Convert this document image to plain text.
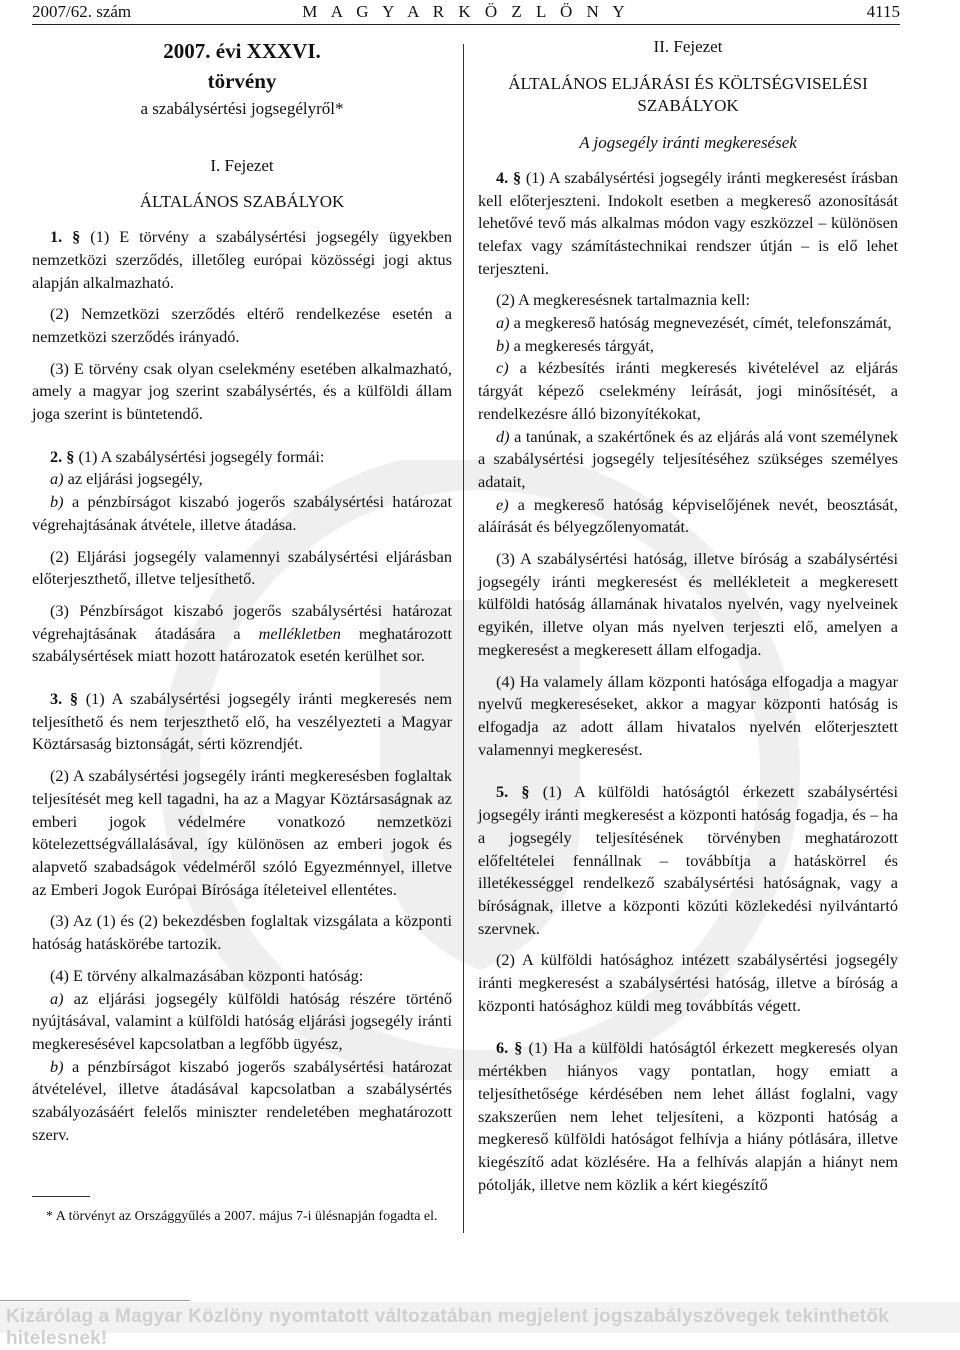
2007/62. szám	M A G Y A R K Ö Z L Ö N Y	4115
2007. évi XXXVI.
törvény
a szabálysértési jogsegélyről*
I. Fejezet
ÁLTALÁNOS SZABÁLYOK

1. § (1) E törvény a szabálysértési jogsegély ügyekben nemzetközi szerződés, illetőleg európai közösségi jogi aktus alapján alkalmazható.

(2) Nemzetközi szerződés eltérő rendelkezése esetén a nemzetközi szerződés irányadó.

(3) E törvény csak olyan cselekmény esetében alkalmazható, amely a magyar jog szerint szabálysértés, és a külföldi állam joga szerint is büntetendő.

2. § (1) A szabálysértési jogsegély formái:

a) az eljárási jogsegély,

b) a pénzbírságot kiszabó jogerős szabálysértési határozat végrehajtásának átvétele, illetve átadása.

(2) Eljárási jogsegély valamennyi szabálysértési eljárásban előterjeszthető, illetve teljesíthető.

(3) Pénzbírságot kiszabó jogerős szabálysértési határozat végrehajtásának átadására a mellékletben meghatározott szabálysértések miatt hozott határozatok esetén kerülhet sor.

3. § (1) A szabálysértési jogsegély iránti megkeresés nem teljesíthető és nem terjeszthető elő, ha veszélyezteti a Magyar Köztársaság biztonságát, sérti közrendjét.

(2) A szabálysértési jogsegély iránti megkeresésben foglaltak teljesítését meg kell tagadni, ha az a Magyar Köztársaságnak az emberi jogok védelmére vonatkozó nemzetközi kötelezettségvállalásával, így különösen az emberi jogok és alapvető szabadságok védelméről szóló Egyezménnyel, illetve az Emberi Jogok Európai Bírósága ítéleteivel ellentétes.

(3) Az (1) és (2) bekezdésben foglaltak vizsgálata a központi hatóság hatáskörébe tartozik.

(4) E törvény alkalmazásában központi hatóság:

a) az eljárási jogsegély külföldi hatóság részére történő nyújtásával, valamint a külföldi hatóság eljárási jogsegély iránti megkeresésével kapcsolatban a legfőbb ügyész,

b) a pénzbírságot kiszabó jogerős szabálysértési határozat átvételével, illetve átadásával kapcsolatban a szabálysértés szabályozásáért felelős miniszter rendeletében meghatározott szerv.

* A törvényt az Országgyűlés a 2007. május 7-i ülésnapján fogadta el.
II. Fejezet
ÁLTALÁNOS ELJÁRÁSI ÉS KÖLTSÉGVISELÉSI SZABÁLYOK
A jogsegély iránti megkeresések

4. § (1) A szabálysértési jogsegély iránti megkeresést írásban kell előterjeszteni. Indokolt esetben a megkereső azonosítását lehetővé tevő más alkalmas módon vagy eszközzel – különösen telefax vagy számítástechnikai rendszer útján – is elő lehet terjeszteni.

(2) A megkeresésnek tartalmaznia kell:

a) a megkereső hatóság megnevezését, címét, telefonszámát,

b) a megkeresés tárgyát,

c) a kézbesítés iránti megkeresés kivételével az eljárás tárgyát képező cselekmény leírását, jogi minősítését, a rendelkezésre álló bizonyítékokat,

d) a tanúnak, a szakértőnek és az eljárás alá vont személynek a szabálysértési jogsegély teljesítéséhez szükséges személyes adatait,

e) a megkereső hatóság képviselőjének nevét, beosztását, aláírását és bélyegzőlenyomatát.

(3) A szabálysértési hatóság, illetve bíróság a szabálysértési jogsegély iránti megkeresést és mellékleteit a megkeresett külföldi hatóság államának hivatalos nyelvén, vagy nyelveinek egyikén, illetve olyan más nyelven terjeszti elő, amelyen a megkeresést a megkeresett állam elfogadja.

(4) Ha valamely állam központi hatósága elfogadja a magyar nyelvű megkereséseket, akkor a magyar központi hatóság is elfogadja az adott állam hivatalos nyelvén előterjesztett valamennyi megkeresést.

5. § (1) A külföldi hatóságtól érkezett szabálysértési jogsegély iránti megkeresést a központi hatóság fogadja, és – ha a jogsegély teljesítésének törvényben meghatározott előfeltételei fennállnak – továbbítja a hatáskörrel és illetékességgel rendelkező szabálysértési hatóságnak, vagy a bíróságnak, illetve a központi közúti közlekedési nyilvántartó szervnek.

(2) A külföldi hatósághoz intézett szabálysértési jogsegély iránti megkeresést a szabálysértési hatóság, illetve a bíróság a központi hatósághoz küldi meg továbbítás végett.

6. § (1) Ha a külföldi hatóságtól érkezett megkeresés olyan mértékben hiányos vagy pontatlan, hogy emiatt a teljesíthetősége kérdésében nem lehet állást foglalni, vagy szakszerűen nem lehet teljesíteni, a központi hatóság a megkereső külföldi hatóságot felhívja a hiány pótlására, illetve kiegészítő adat közlésére. Ha a felhívás alapján a hiányt nem pótolják, illetve nem közlik a kért kiegészítő

Kizárólag a Magyar Közlöny nyomtatott változatában megjelent jogszabályszövegek tekinthetők hitelesnek!
